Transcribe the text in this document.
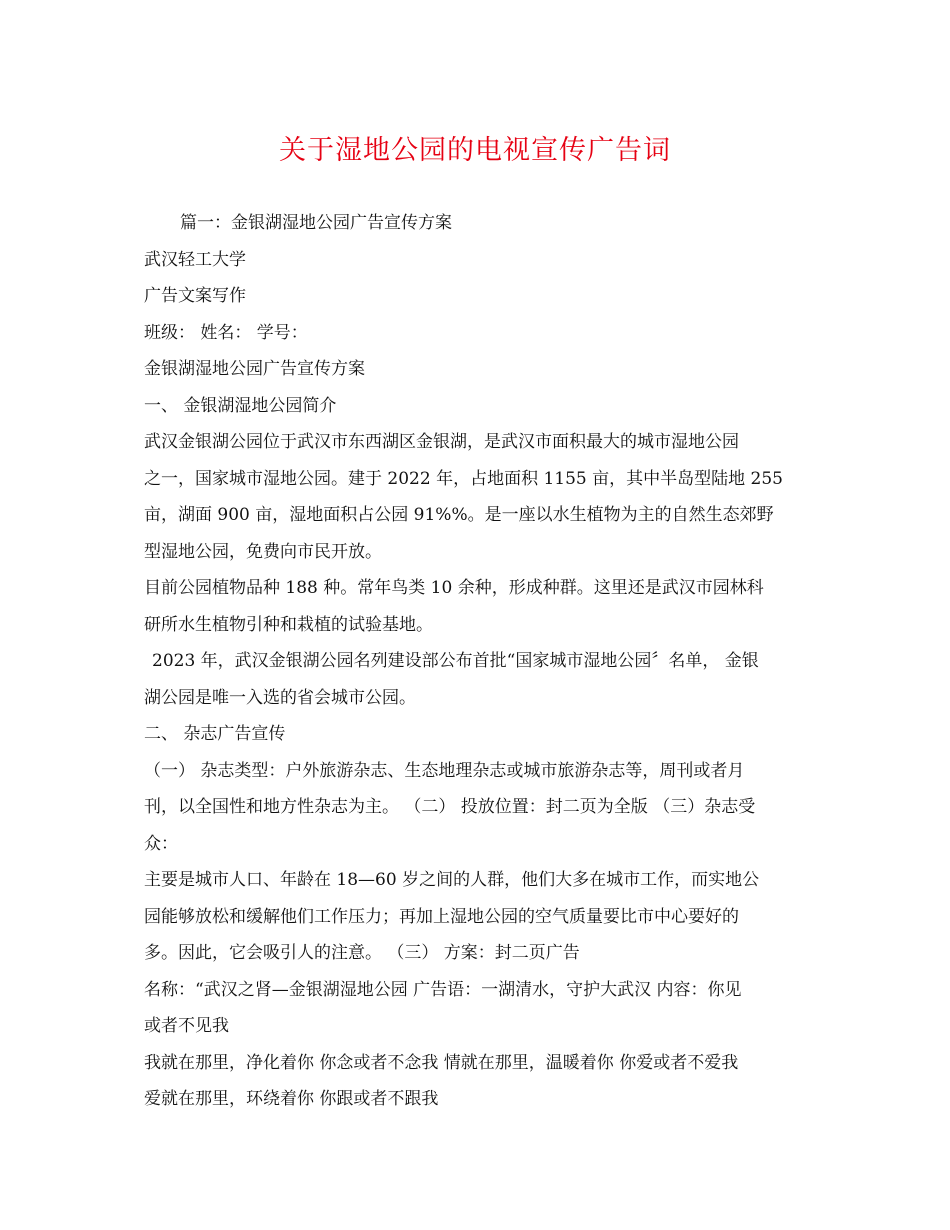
关于湿地公园的电视宣传广告词

篇一：金银湖湿地公园广告宣传方案

武汉轻工大学

广告文案写作

班级： 姓名： 学号：

金银湖湿地公园广告宣传方案

一、 金银湖湿地公园简介

武汉金银湖公园位于武汉市东西湖区金银湖，是武汉市面积最大的城市湿地公园

之一，国家城市湿地公园。建于 2022 年，占地面积 1155 亩，其中半岛型陆地 255

亩，湖面 900 亩，湿地面积占公园 91%%。是一座以水生植物为主的自然生态郊野

型湿地公园，免费向市民开放。

目前公园植物品种 188 种。常年鸟类 10 余种，形成种群。这里还是武汉市园林科

研所水生植物引种和栽植的试验基地。

2023 年，武汉金银湖公园名列建设部公布首批“国家城市湿地公园〞名单， 金银

湖公园是唯一入选的省会城市公园。

二、 杂志广告宣传

（一） 杂志类型：户外旅游杂志、生态地理杂志或城市旅游杂志等，周刊或者月

刊，以全国性和地方性杂志为主。 （二） 投放位置：封二页为全版 （三）杂志受

众：

主要是城市人口、年龄在 18—60 岁之间的人群，他们大多在城市工作，而实地公

园能够放松和缓解他们工作压力；再加上湿地公园的空气质量要比市中心要好的

多。因此，它会吸引人的注意。 （三） 方案：封二页广告

名称：“武汉之肾—金银湖湿地公园 广告语：一湖清水，守护大武汉 内容：你见

或者不见我

我就在那里，净化着你 你念或者不念我 情就在那里，温暖着你 你爱或者不爱我

爱就在那里，环绕着你 你跟或者不跟我
